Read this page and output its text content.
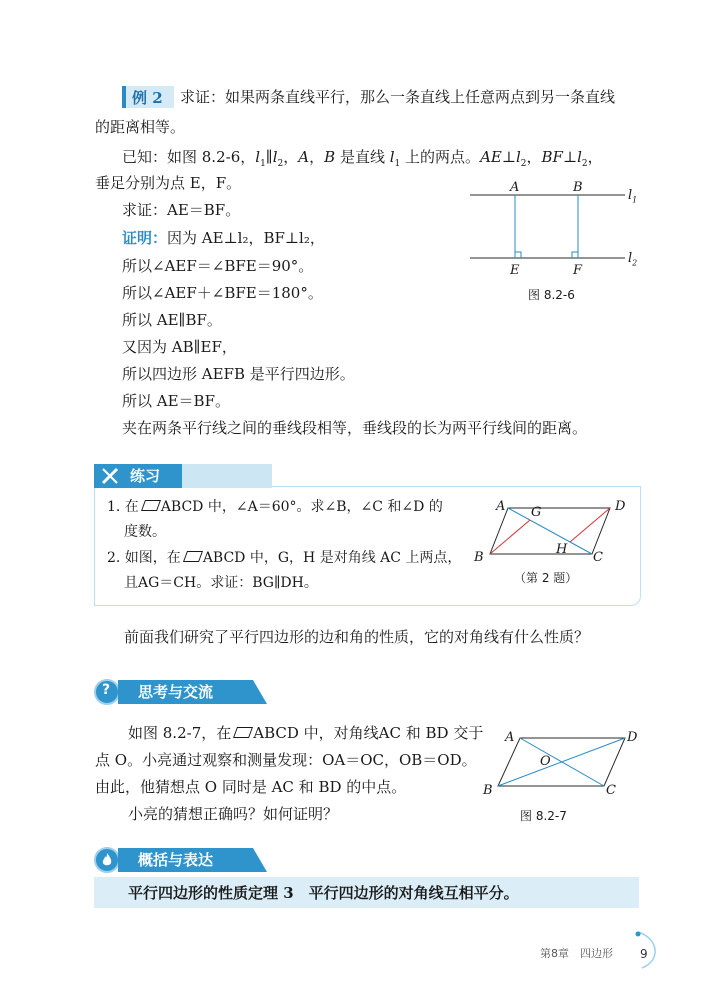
例 2 求证：如果两条直线平行，那么一条直线上任意两点到另一条直线
的距离相等。
已知：如图 8.2-6，$l_1\parallel l_2$，A，B 是直线 $l_1$ 上的两点。$AE\perp l_2$，$BF\perp l_2$，
垂足分别为点 E，F。
求证：AE＝BF。
证明：因为 AE⊥l₂，BF⊥l₂，
所以∠AEF＝∠BFE＝90°。
所以∠AEF＋∠BFE＝180°。
所以 AE∥BF。
又因为 AB∥EF，
所以四边形 AEFB 是平行四边形。
所以 AE＝BF。
夹在两条平行线之间的垂线段相等，垂线段的长为两平行线间的距离。
A	B
E	F
$l_1$
$l_2$
图 8.2-6
练习
1. 在 ABCD 中，∠A＝60°。求∠B，∠C 和∠D 的
度数。
2. 如图，在 ABCD 中，G，H 是对角线 AC 上两点，
且AG＝CH。求证：BG∥DH。
A	D
B	C
G
H
（第 2 题）
前面我们研究了平行四边形的边和角的性质，它的对角线有什么性质？
? 思考与交流
如图 8.2-7，在 ABCD 中，对角线AC 和 BD 交于
点 O。小亮通过观察和测量发现：OA＝OC，OB＝OD。
由此，他猜想点 O 同时是 AC 和 BD 的中点。
小亮的猜想正确吗？如何证明？
A	D
B	C
O
图 8.2-7
概括与表达
平行四边形的性质定理 3　平行四边形的对角线互相平分。
第8章　四边形 9
